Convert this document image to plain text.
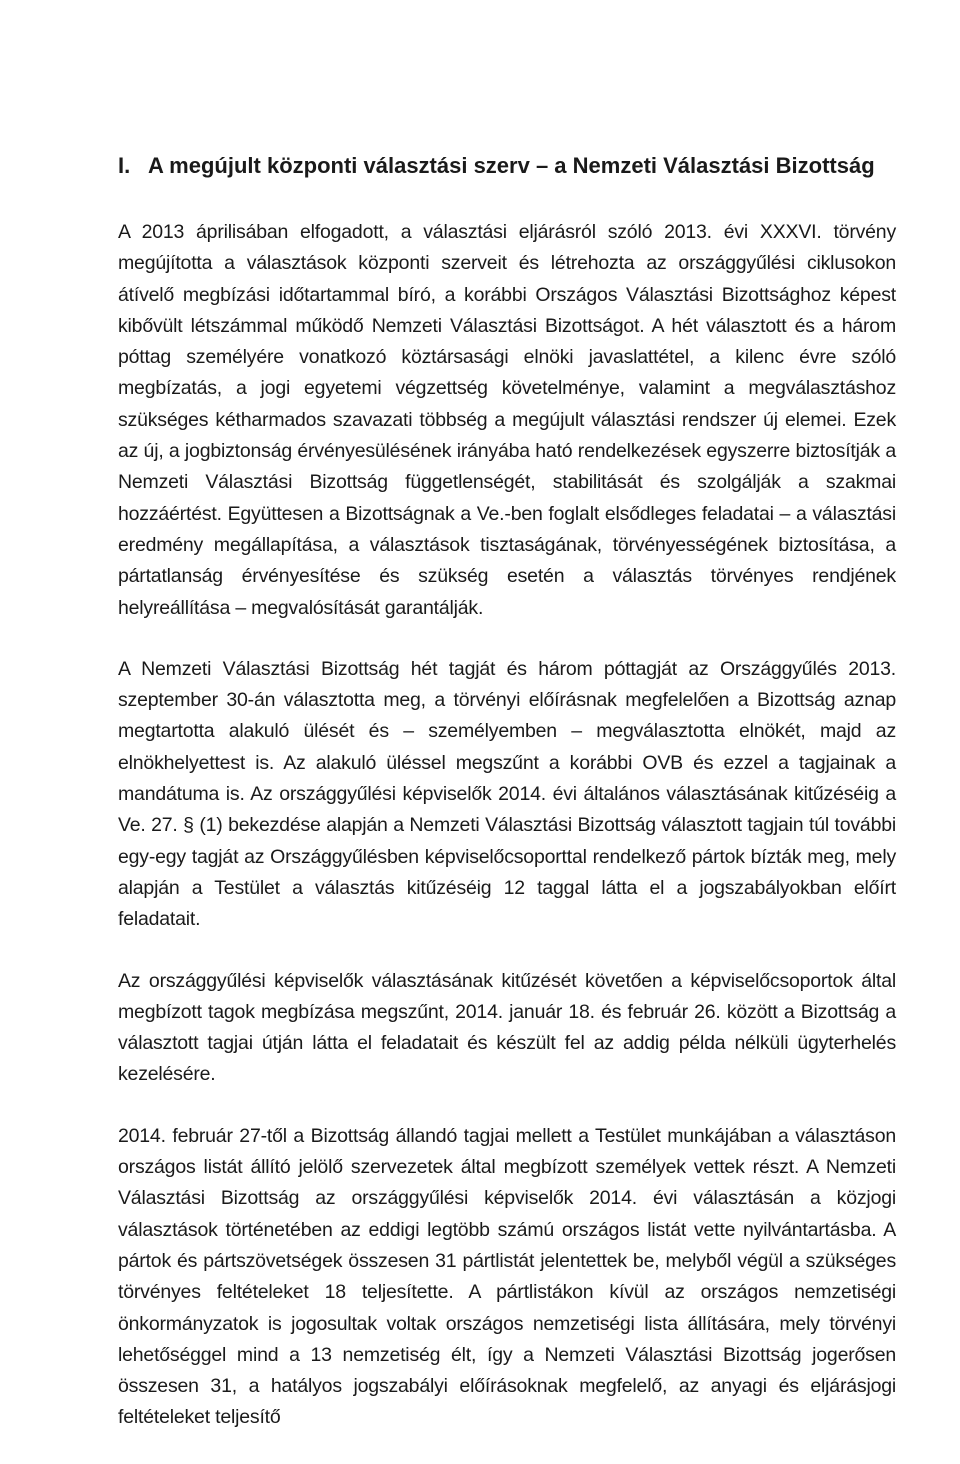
I. A megújult központi választási szerv – a Nemzeti Választási Bizottság

A 2013 áprilisában elfogadott, a választási eljárásról szóló 2013. évi XXXVI. törvény megújította a választások központi szerveit és létrehozta az országgyűlési ciklusokon átívelő megbízási időtartammal bíró, a korábbi Országos Választási Bizottsághoz képest kibővült létszámmal működő Nemzeti Választási Bizottságot. A hét választott és a három póttag személyére vonatkozó köztársasági elnöki javaslattétel, a kilenc évre szóló megbízatás, a jogi egyetemi végzettség követelménye, valamint a megválasztáshoz szükséges kétharmados szavazati többség a megújult választási rendszer új elemei. Ezek az új, a jogbiztonság érvényesülésének irányába ható rendelkezések egyszerre biztosítják a Nemzeti Választási Bizottság függetlenségét, stabilitását és szolgálják a szakmai hozzáértést. Együttesen a Bizottságnak a Ve.-ben foglalt elsődleges feladatai – a választási eredmény megállapítása, a választások tisztaságának, törvényességének biztosítása, a pártatlanság érvényesítése és szükség esetén a választás törvényes rendjének helyreállítása – megvalósítását garantálják.

A Nemzeti Választási Bizottság hét tagját és három póttagját az Országgyűlés 2013. szeptember 30-án választotta meg, a törvényi előírásnak megfelelően a Bizottság aznap megtartotta alakuló ülését és – személyemben – megválasztotta elnökét, majd az elnökhelyettest is. Az alakuló üléssel megszűnt a korábbi OVB és ezzel a tagjainak a mandátuma is. Az országgyűlési képviselők 2014. évi általános választásának kitűzéséig a Ve. 27. § (1) bekezdése alapján a Nemzeti Választási Bizottság választott tagjain túl további egy-egy tagját az Országgyűlésben képviselőcsoporttal rendelkező pártok bízták meg, mely alapján a Testület a választás kitűzéséig 12 taggal látta el a jogszabályokban előírt feladatait.

Az országgyűlési képviselők választásának kitűzését követően a képviselőcsoportok által megbízott tagok megbízása megszűnt, 2014. január 18. és február 26. között a Bizottság a választott tagjai útján látta el feladatait és készült fel az addig példa nélküli ügyterhelés kezelésére.

2014. február 27-től a Bizottság állandó tagjai mellett a Testület munkájában a választáson országos listát állító jelölő szervezetek által megbízott személyek vettek részt. A Nemzeti Választási Bizottság az országgyűlési képviselők 2014. évi választásán a közjogi választások történetében az eddigi legtöbb számú országos listát vette nyilvántartásba. A pártok és pártszövetségek összesen 31 pártlistát jelentettek be, melyből végül a szükséges törvényes feltételeket 18 teljesítette. A pártlistákon kívül az országos nemzetiségi önkormányzatok is jogosultak voltak országos nemzetiségi lista állítására, mely törvényi lehetőséggel mind a 13 nemzetiség élt, így a Nemzeti Választási Bizottság jogerősen összesen 31, a hatályos jogszabályi előírásoknak megfelelő, az anyagi és eljárásjogi feltételeket teljesítő
